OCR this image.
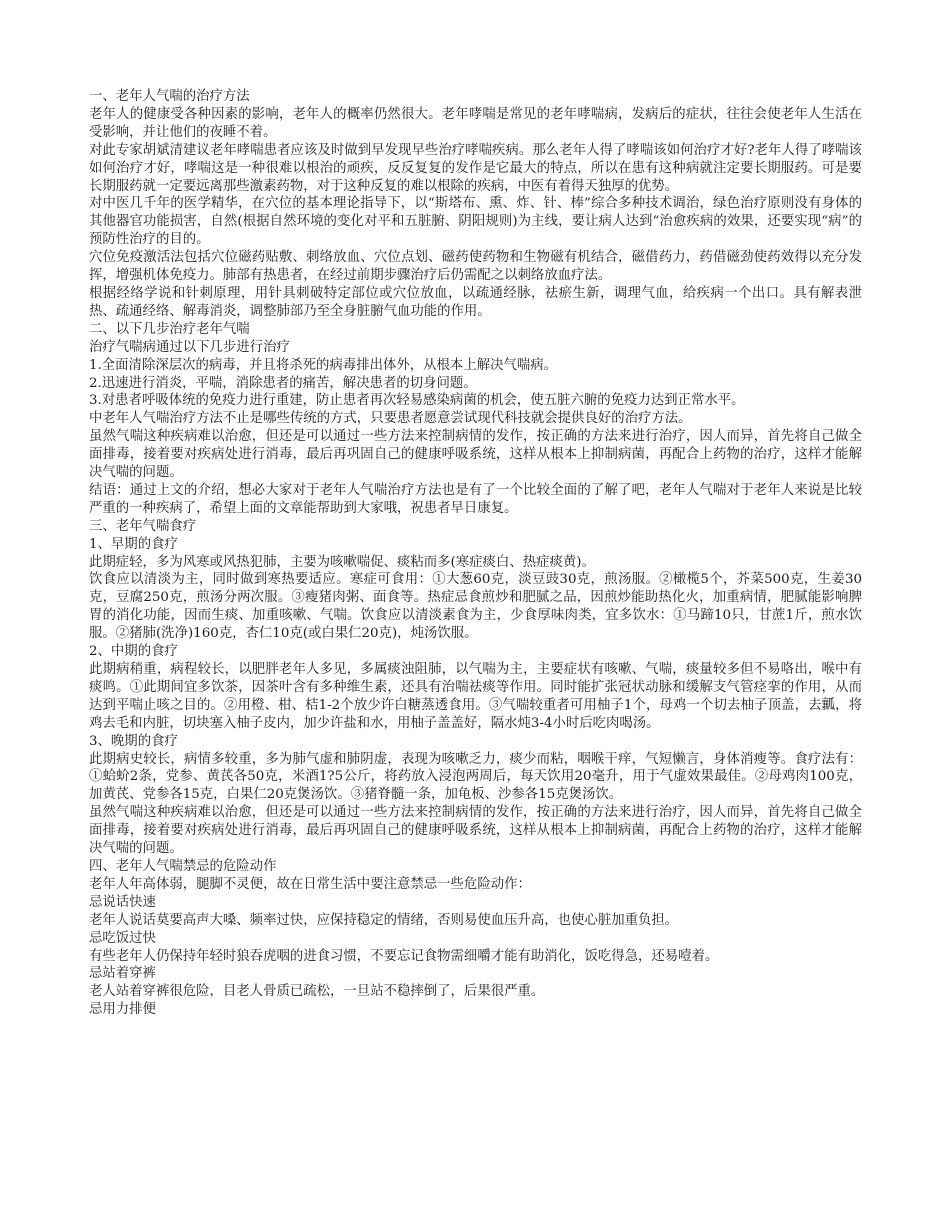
一、老年人气喘的治疗方法

老年人的健康受各种因素的影响，老年人的概率仍然很大。老年哮喘是常见的老年哮喘病，发病后的症状，往往会使老年人生活在受影响，并让他们的夜睡不着。

对此专家胡斌清建议老年哮喘患者应该及时做到早发现早些治疗哮喘疾病。那么老年人得了哮喘该如何治疗才好?老年人得了哮喘该如何治疗才好，哮喘这是一种很难以根治的顽疾，反反复复的发作是它最大的特点，所以在患有这种病就注定要长期服药。可是要长期服药就一定要远离那些激素药物，对于这种反复的难以根除的疾病，中医有着得天独厚的优势。

对中医几千年的医学精华，在穴位的基本理论指导下，以“斯塔布、熏、炸、针、棒”综合多种技术调治，绿色治疗原则没有身体的其他器官功能损害，自然(根据自然环境的变化对平和五脏腑、阴阳规则)为主线，要让病人达到“治愈疾病的效果，还要实现“病”的预防性治疗的目的。

穴位免疫激活法包括穴位磁药贴敷、刺络放血、穴位点划、磁药使药物和生物磁有机结合，磁借药力，药借磁劲使药效得以充分发挥，增强机体免疫力。肺部有热患者，在经过前期步骤治疗后仍需配之以刺络放血疗法。

根据经络学说和针刺原理，用针具刺破特定部位或穴位放血，以疏通经脉，祛瘀生新，调理气血，给疾病一个出口。具有解表泄热、疏通经络、解毒消炎，调整肺部乃至全身脏腑气血功能的作用。

二、以下几步治疗老年气喘

治疗气喘病通过以下几步进行治疗

1.全面清除深层次的病毒，并且将杀死的病毒排出体外，从根本上解决气喘病。

2.迅速进行消炎，平喘，消除患者的痛苦，解决患者的切身问题。

3.对患者呼吸体统的免疫力进行重建，防止患者再次轻易感染病菌的机会，使五脏六腑的免疫力达到正常水平。

中老年人气喘治疗方法不止是哪些传统的方式，只要患者愿意尝试现代科技就会提供良好的治疗方法。

虽然气喘这种疾病难以治愈，但还是可以通过一些方法来控制病情的发作，按正确的方法来进行治疗，因人而异，首先将自己做全面排毒，接着要对疾病处进行消毒，最后再巩固自己的健康呼吸系统，这样从根本上抑制病菌，再配合上药物的治疗，这样才能解决气喘的问题。

结语：通过上文的介绍，想必大家对于老年人气喘治疗方法也是有了一个比较全面的了解了吧，老年人气喘对于老年人来说是比较严重的一种疾病了，希望上面的文章能帮助到大家哦，祝患者早日康复。

三、老年气喘食疗

1、早期的食疗

此期症轻，多为风寒或风热犯肺，主要为咳嗽喘促、痰粘而多(寒症痰白、热症痰黄)。

饮食应以清淡为主，同时做到寒热要适应。寒症可食用：①大葱60克，淡豆豉30克，煎汤服。②橄榄5个，芥菜500克，生姜30克，豆腐250克，煎汤分两次服。③瘦猪肉粥、面食等。热症忌食煎炒和肥腻之品，因煎炒能助热化火，加重病情，肥腻能影响脾胃的消化功能，因而生痰、加重咳嗽、气喘。饮食应以清淡素食为主，少食厚味肉类，宜多饮水：①马蹄10只，甘蔗1斤，煎水饮服。②猪肺(洗净)160克，杏仁10克(或白果仁20克)，炖汤饮服。

2、中期的食疗

此期病稍重，病程较长，以肥胖老年人多见，多属痰浊阻肺，以气喘为主，主要症状有咳嗽、气喘，痰量较多但不易咯出，喉中有痰鸣。①此期间宜多饮茶，因茶叶含有多种维生素，还具有治喘祛痰等作用。同时能扩张冠状动脉和缓解支气管痉挛的作用，从而达到平喘止咳之目的。②用橙、柑、桔1-2个放少许白糖蒸透食用。③气喘较重者可用柚子1个，母鸡一个切去柚子顶盖，去瓤，将鸡去毛和内脏，切块塞入柚子皮内，加少许盐和水，用柚子盖盖好，隔水炖3-4小时后吃肉喝汤。

3、晚期的食疗

此期病史较长，病情多较重，多为肺气虚和肺阴虚，表现为咳嗽乏力，痰少而粘，咽喉干痒，气短懒言，身体消瘦等。食疗法有：①蛤蚧2条，党参、黄芪各50克，米酒1?5公斤，将药放入浸泡两周后，每天饮用20毫升，用于气虚效果最佳。②母鸡肉100克，加黄芪、党参各15克，白果仁20克煲汤饮。③猪脊髓一条，加龟板、沙参各15克煲汤饮。

虽然气喘这种疾病难以治愈，但还是可以通过一些方法来控制病情的发作，按正确的方法来进行治疗，因人而异，首先将自己做全面排毒，接着要对疾病处进行消毒，最后再巩固自己的健康呼吸系统，这样从根本上抑制病菌，再配合上药物的治疗，这样才能解决气喘的问题。

四、老年人气喘禁忌的危险动作

老年人年高体弱，腿脚不灵便，故在日常生活中要注意禁忌一些危险动作：

忌说话快速

老年人说话莫要高声大嗓、频率过快，应保持稳定的情绪，否则易使血压升高，也使心脏加重负担。

忌吃饭过快

有些老年人仍保持年轻时狼吞虎咽的进食习惯，不要忘记食物需细嚼才能有助消化，饭吃得急，还易噎着。

忌站着穿裤

老人站着穿裤很危险，目老人骨质已疏松，一旦站不稳摔倒了，后果很严重。

忌用力排便
